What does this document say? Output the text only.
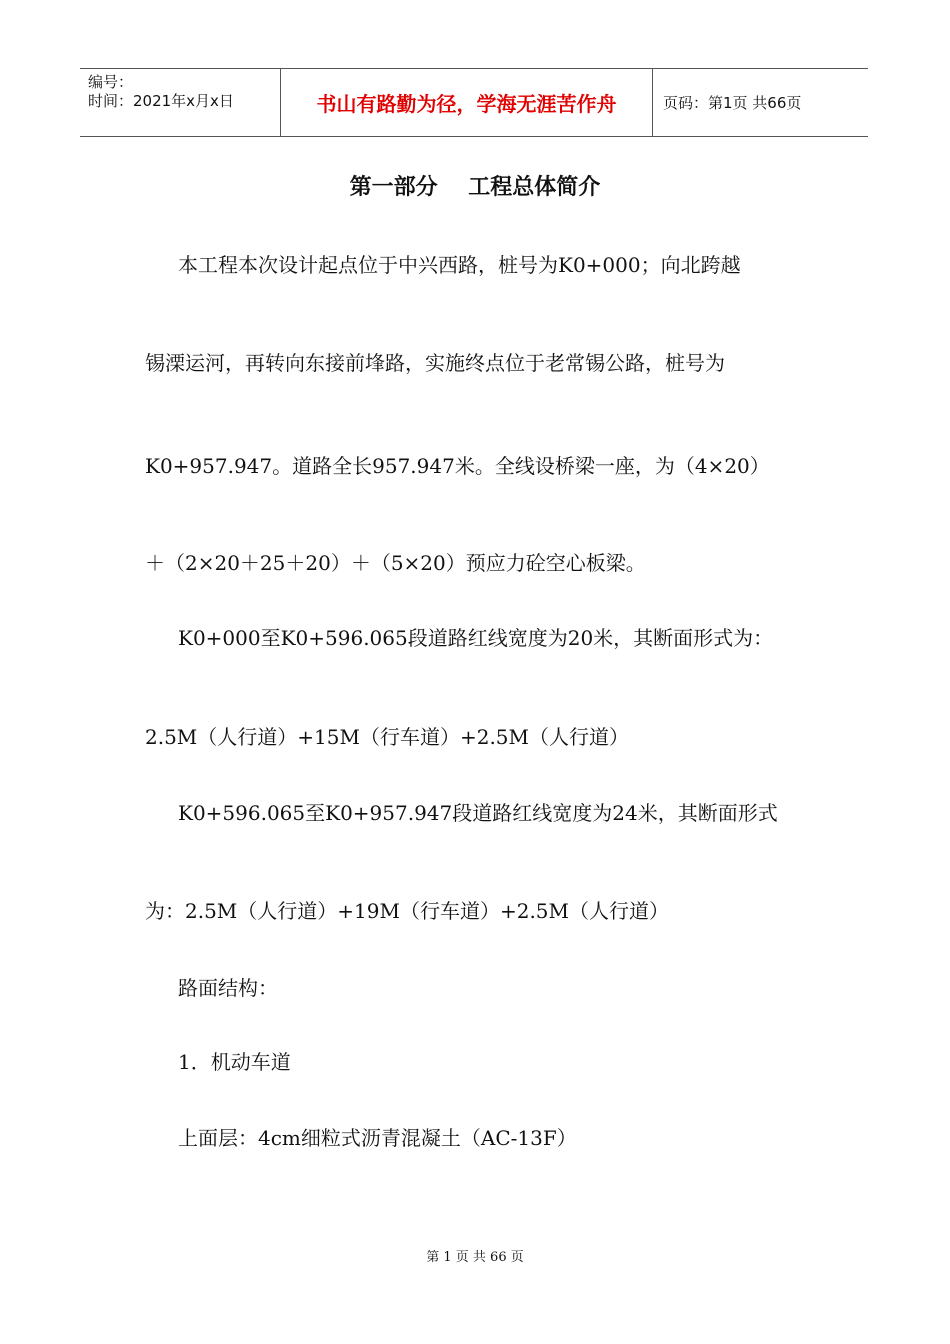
编号：
时间：2021年x月x日	书山有路勤为径，学海无涯苦作舟	页码：第1页 共66页
第一部分    工程总体简介
本工程本次设计起点位于中兴西路，桩号为K0+000；向北跨越
锡溧运河，再转向东接前埄路，实施终点位于老常锡公路，桩号为
K0+957.947。道路全长957.947米。全线设桥梁一座，为（4×20）
＋（2×20＋25＋20）＋（5×20）预应力砼空心板梁。
K0+000至K0+596.065段道路红线宽度为20米，其断面形式为：
2.5M（人行道）+15M（行车道）+2.5M（人行道）
K0+596.065至K0+957.947段道路红线宽度为24米，其断面形式
为：2.5M（人行道）+19M（行车道）+2.5M（人行道）
路面结构：
1．机动车道
上面层：4cm细粒式沥青混凝土（AC-13F）
第 1 页 共 66 页
